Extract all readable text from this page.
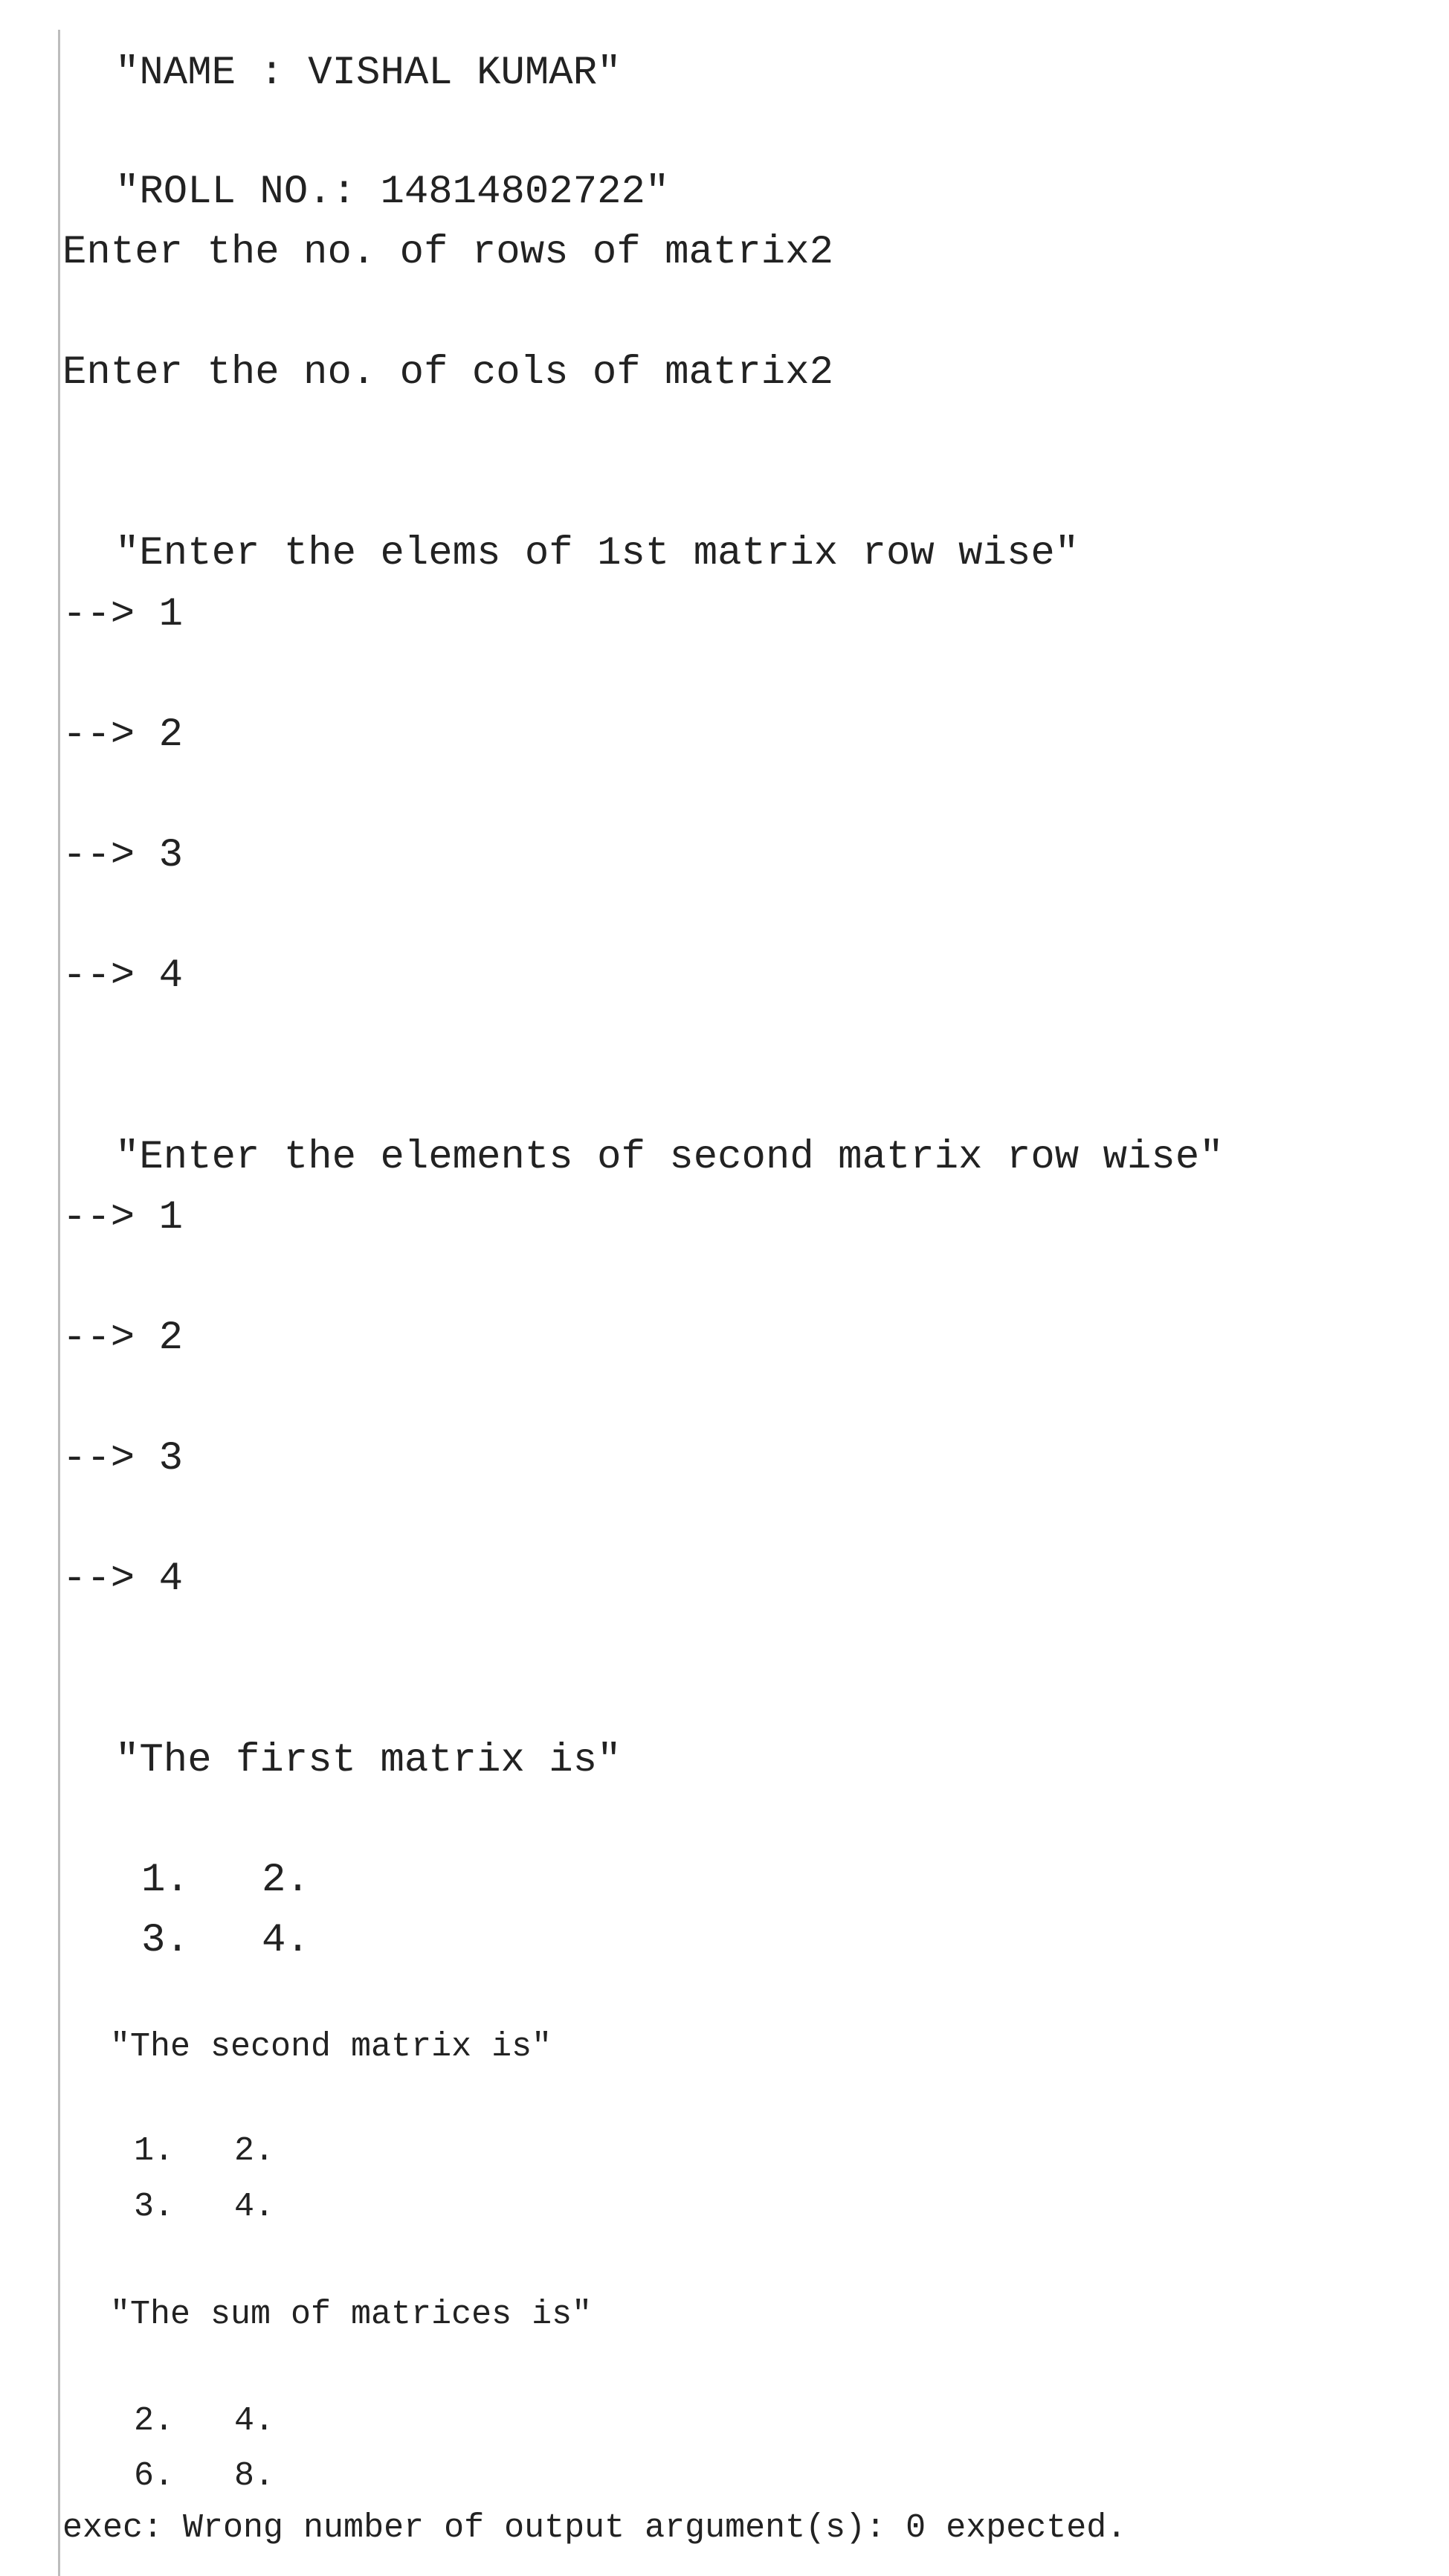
"NAME : VISHAL KUMAR"
"ROLL NO.: 14814802722"
Enter the no. of rows of matrix2
Enter the no. of cols of matrix2
"Enter the elems of 1st matrix row wise"
--> 1
--> 2
--> 3
--> 4
"Enter the elements of second matrix row wise"
--> 1
--> 2
--> 3
--> 4
"The first matrix is"
1.   2.
3.   4.
"The second matrix is"
1.   2.
3.   4.
"The sum of matrices is"
2.   4.
6.   8.
exec: Wrong number of output argument(s): 0 expected.
